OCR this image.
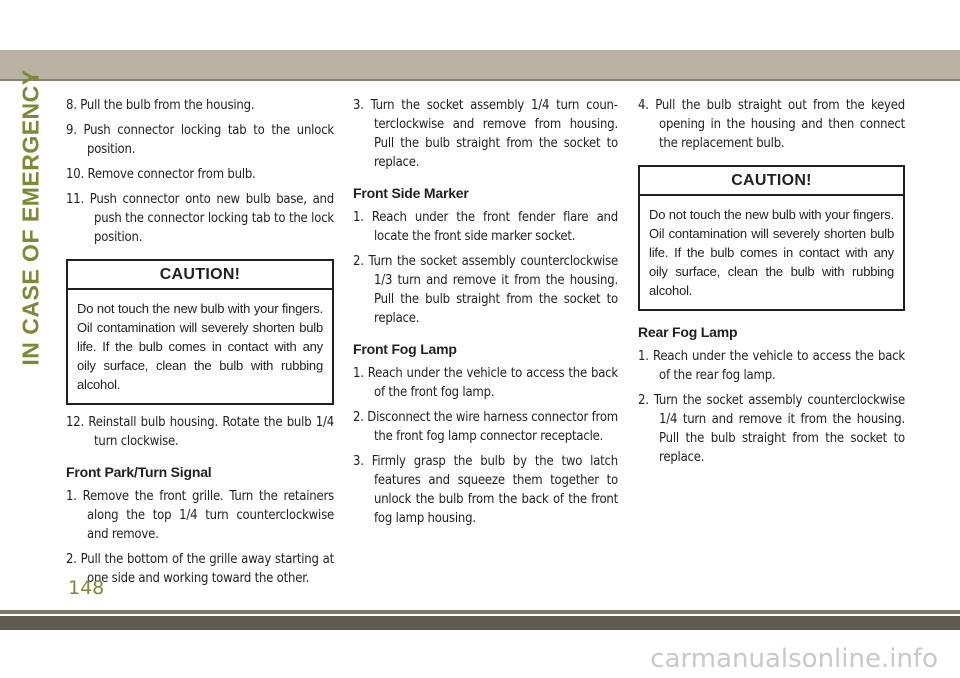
IN CASE OF EMERGENCY 8. Pull the bulb from the housing.

9. Push connector locking tab to the unlock position.

10. Remove connector from bulb.

11. Push connector onto new bulb base, and push the connector locking tab to the lock position.

CAUTION!
Do not touch the new bulb with your fingers. Oil contamination will severely shorten bulb life. If the bulb comes in contact with any oily surface, clean the bulb with rubbing alcohol.

12. Reinstall bulb housing. Rotate the bulb 1/4 turn clockwise.

Front Park/Turn Signal

1. Remove the front grille. Turn the retainers along the top 1/4 turn counterclockwise and remove.

2. Pull the bottom of the grille away starting at one side and working toward the other.

3. Turn the socket assembly 1/4 turn counterclockwise and remove from housing. Pull the bulb straight from the socket to replace.

Front Side Marker

1. Reach under the front fender flare and locate the front side marker socket.

2. Turn the socket assembly counterclockwise 1/3 turn and remove it from the housing. Pull the bulb straight from the socket to replace.

Front Fog Lamp

1. Reach under the vehicle to access the back of the front fog lamp.

2. Disconnect the wire harness connector from the front fog lamp connector receptacle.

3. Firmly grasp the bulb by the two latch features and squeeze them together to unlock the bulb from the back of the front fog lamp housing.

4. Pull the bulb straight out from the keyed opening in the housing and then connect the replacement bulb.

CAUTION!
Do not touch the new bulb with your fingers. Oil contamination will severely shorten bulb life. If the bulb comes in contact with any oily surface, clean the bulb with rubbing alcohol.
Rear Fog Lamp

1. Reach under the vehicle to access the back of the rear fog lamp.

2. Turn the socket assembly counterclockwise 1/4 turn and remove it from the housing. Pull the bulb straight from the socket to replace.

148
carmanualsonline.info
